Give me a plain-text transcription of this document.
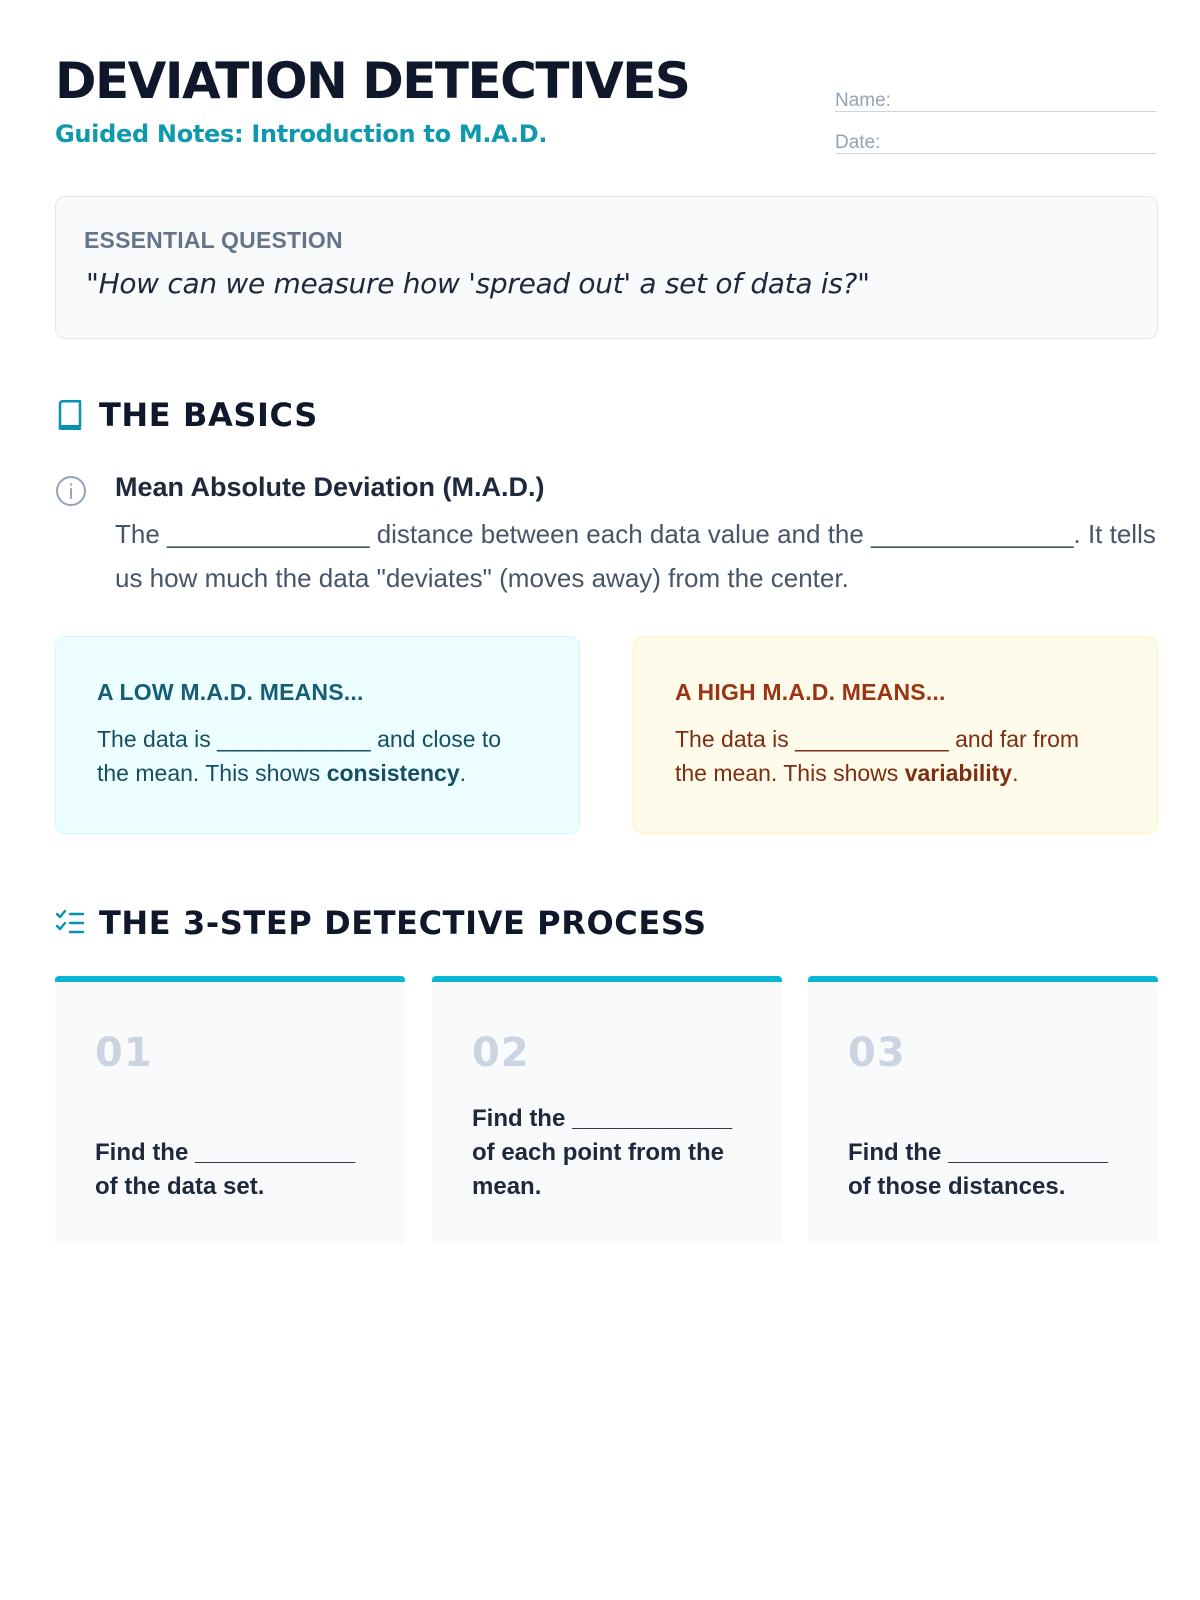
DEVIATION DETECTIVES
Guided Notes: Introduction to M.A.D.
Name:
Date:
ESSENTIAL QUESTION
"How can we measure how 'spread out' a set of data is?"
THE BASICS
Mean Absolute Deviation (M.A.D.)
The ______________ distance between each data value and the ______________. It tells us how much the data "deviates" (moves away) from the center.
A LOW M.A.D. MEANS...
The data is ____________ and close to the mean. This shows consistency.
A HIGH M.A.D. MEANS...
The data is ____________ and far from the mean. This shows variability.
THE 3-STEP DETECTIVE PROCESS
01
Find the ____________ of the data set.
02
Find the ____________ of each point from the mean.
03
Find the ____________ of those distances.
